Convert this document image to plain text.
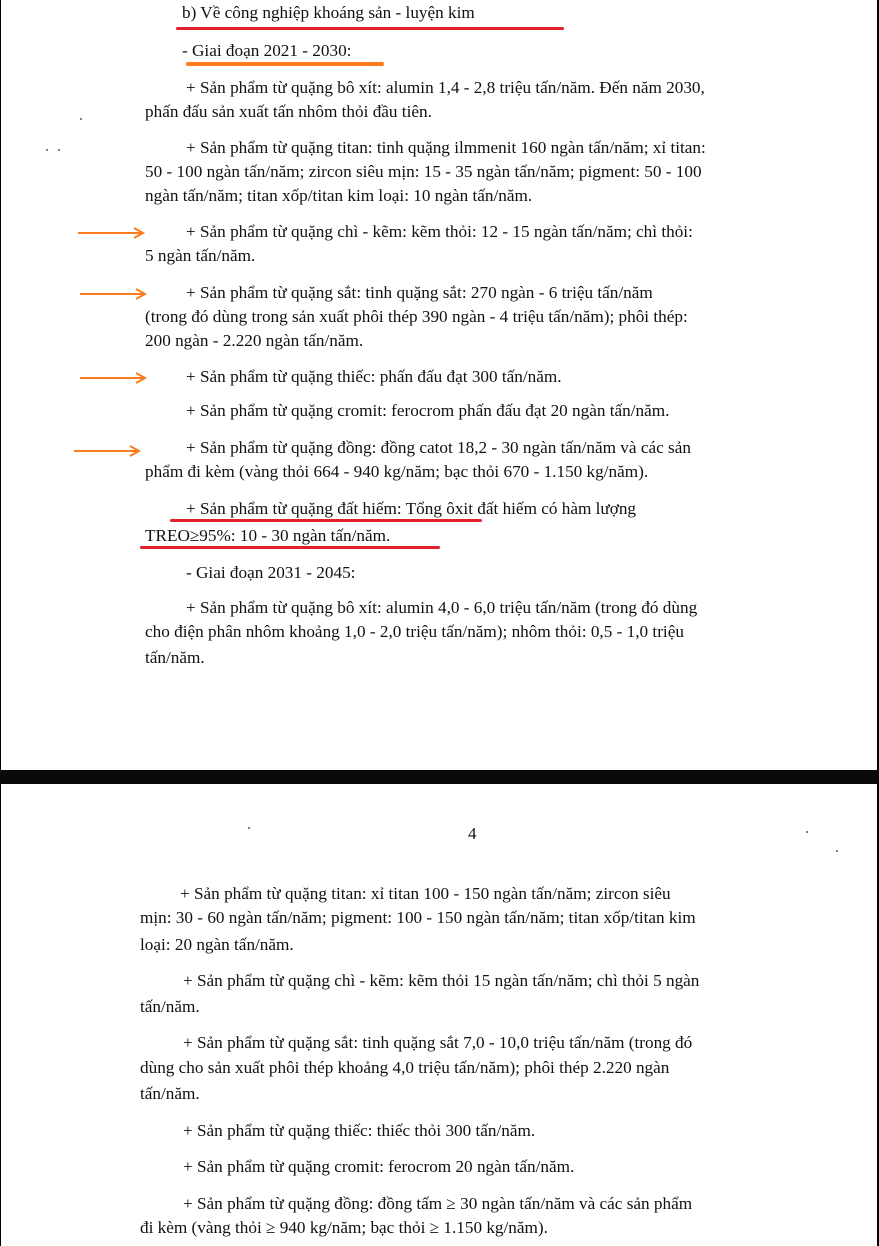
b) Về công nghiệp khoáng sản - luyện kim
- Giai đoạn 2021 - 2030:
+ Sản phẩm từ quặng bô xít: alumin 1,4 - 2,8 triệu tấn/năm. Đến năm 2030,
phấn đấu sản xuất tấn nhôm thỏi đầu tiên.
+ Sản phẩm từ quặng titan: tinh quặng ilmmenit 160 ngàn tấn/năm; xỉ titan:
50 - 100 ngàn tấn/năm; zircon siêu mịn: 15 - 35 ngàn tấn/năm; pigment: 50 - 100
ngàn tấn/năm; titan xốp/titan kim loại: 10 ngàn tấn/năm.
+ Sản phẩm từ quặng chì - kẽm: kẽm thỏi: 12 - 15 ngàn tấn/năm; chì thỏi:
5 ngàn tấn/năm.
+ Sản phẩm từ quặng sắt: tinh quặng sắt: 270 ngàn - 6 triệu tấn/năm
(trong đó dùng trong sản xuất phôi thép 390 ngàn - 4 triệu tấn/năm); phôi thép:
200 ngàn - 2.220 ngàn tấn/năm.
+ Sản phẩm từ quặng thiếc: phấn đấu đạt 300 tấn/năm.
+ Sản phẩm từ quặng cromit: ferocrom phấn đấu đạt 20 ngàn tấn/năm.
+ Sản phẩm từ quặng đồng: đồng catot 18,2 - 30 ngàn tấn/năm và các sản
phẩm đi kèm (vàng thỏi 664 - 940 kg/năm; bạc thỏi 670 - 1.150 kg/năm).
+ Sản phẩm từ quặng đất hiếm: Tổng ôxit đất hiếm có hàm lượng
TREO≥95%: 10 - 30 ngàn tấn/năm.
- Giai đoạn 2031 - 2045:
+ Sản phẩm từ quặng bô xít: alumin 4,0 - 6,0 triệu tấn/năm (trong đó dùng
cho điện phân nhôm khoảng 1,0 - 2,0 triệu tấn/năm); nhôm thỏi: 0,5 - 1,0 triệu
tấn/năm.
4
+ Sản phẩm từ quặng titan: xỉ titan 100 - 150 ngàn tấn/năm; zircon siêu
mịn: 30 - 60 ngàn tấn/năm; pigment: 100 - 150 ngàn tấn/năm; titan xốp/titan kim
loại: 20 ngàn tấn/năm.
+ Sản phẩm từ quặng chì - kẽm: kẽm thỏi 15 ngàn tấn/năm; chì thỏi 5 ngàn
tấn/năm.
+ Sản phẩm từ quặng sắt: tinh quặng sắt 7,0 - 10,0 triệu tấn/năm (trong đó
dùng cho sản xuất phôi thép khoảng 4,0 triệu tấn/năm); phôi thép 2.220 ngàn
tấn/năm.
+ Sản phẩm từ quặng thiếc: thiếc thỏi 300 tấn/năm.
+ Sản phẩm từ quặng cromit: ferocrom 20 ngàn tấn/năm.
+ Sản phẩm từ quặng đồng: đồng tấm ≥ 30 ngàn tấn/năm và các sản phẩm
đi kèm (vàng thỏi ≥ 940 kg/năm; bạc thỏi ≥ 1.150 kg/năm).
